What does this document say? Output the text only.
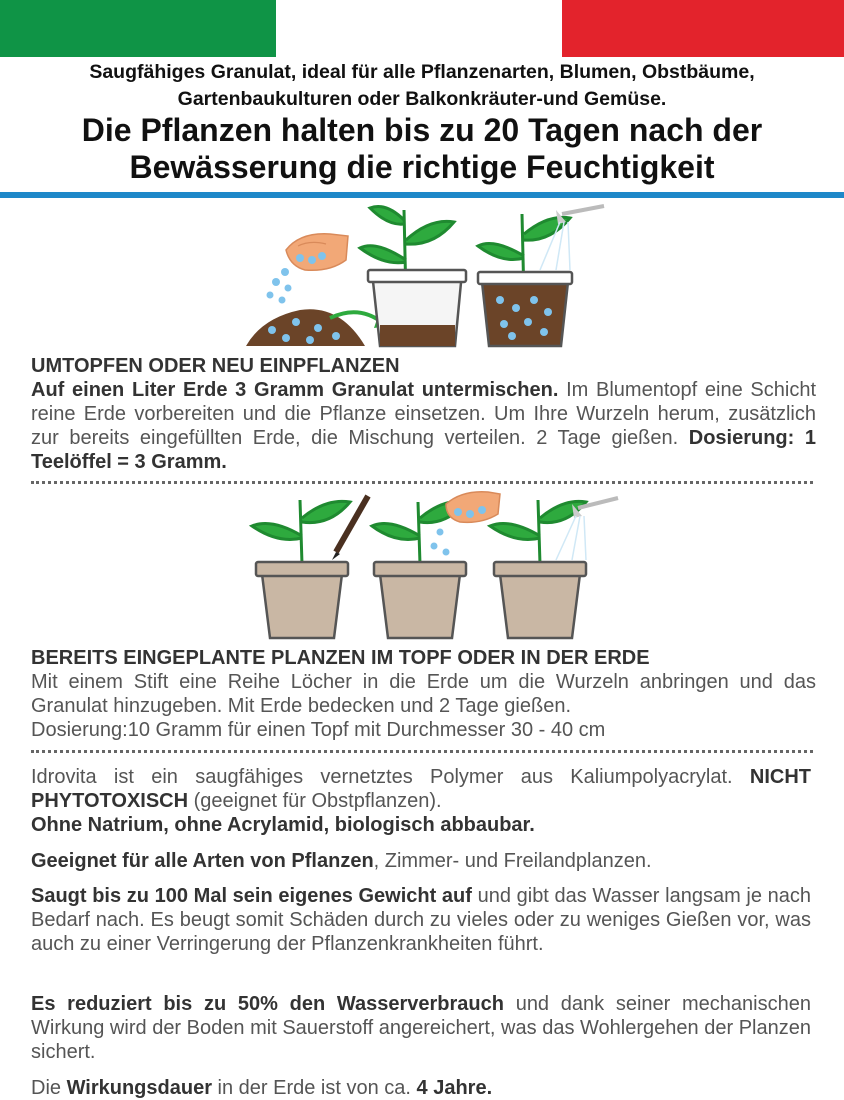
Saugfähiges Granulat, ideal für alle Pflanzenarten, Blumen, Obstbäume,
Gartenbaukulturen oder Balkonkräuter-und Gemüse.
Die Pflanzen halten bis zu 20 Tagen nach der
Bewässerung die richtige Feuchtigkeit
UMTOPFEN ODER NEU EINPFLANZEN
Auf einen Liter Erde 3 Gramm Granulat untermischen. Im Blumentopf eine Schicht reine Erde vorbereiten und die Pflanze einsetzen. Um Ihre Wurzeln herum, zusätzlich zur bereits eingefüllten Erde, die Mischung verteilen. 2 Tage gießen. Dosierung: 1 Teelöffel = 3 Gramm.
BEREITS EINGEPLANTE PLANZEN IM TOPF ODER IN DER ERDE
Mit einem Stift eine Reihe Löcher in die Erde um die Wurzeln anbringen und das Granulat hinzugeben. Mit Erde bedecken und 2 Tage gießen.
Dosierung:10 Gramm für einen Topf mit Durchmesser 30 - 40 cm
Idrovita ist ein saugfähiges vernetztes Polymer aus Kaliumpolyacrylat. NICHT PHYTOTOXISCH (geeignet für Obstpflanzen).
Ohne Natrium, ohne Acrylamid, biologisch abbaubar.
Geeignet für alle Arten von Pflanzen, Zimmer- und Freilandplanzen.
Saugt bis zu 100 Mal sein eigenes Gewicht auf und gibt das Wasser langsam je nach Bedarf nach. Es beugt somit Schäden durch zu vieles oder zu weniges Gießen vor, was auch zu einer Verringerung der Pflanzenkrankheiten führt.
Es reduziert bis zu 50% den Wasserverbrauch und dank seiner mechanischen Wirkung wird der Boden mit Sauerstoff angereichert, was das Wohlergehen der Planzen sichert.
Die Wirkungsdauer in der Erde ist von ca. 4 Jahre.
